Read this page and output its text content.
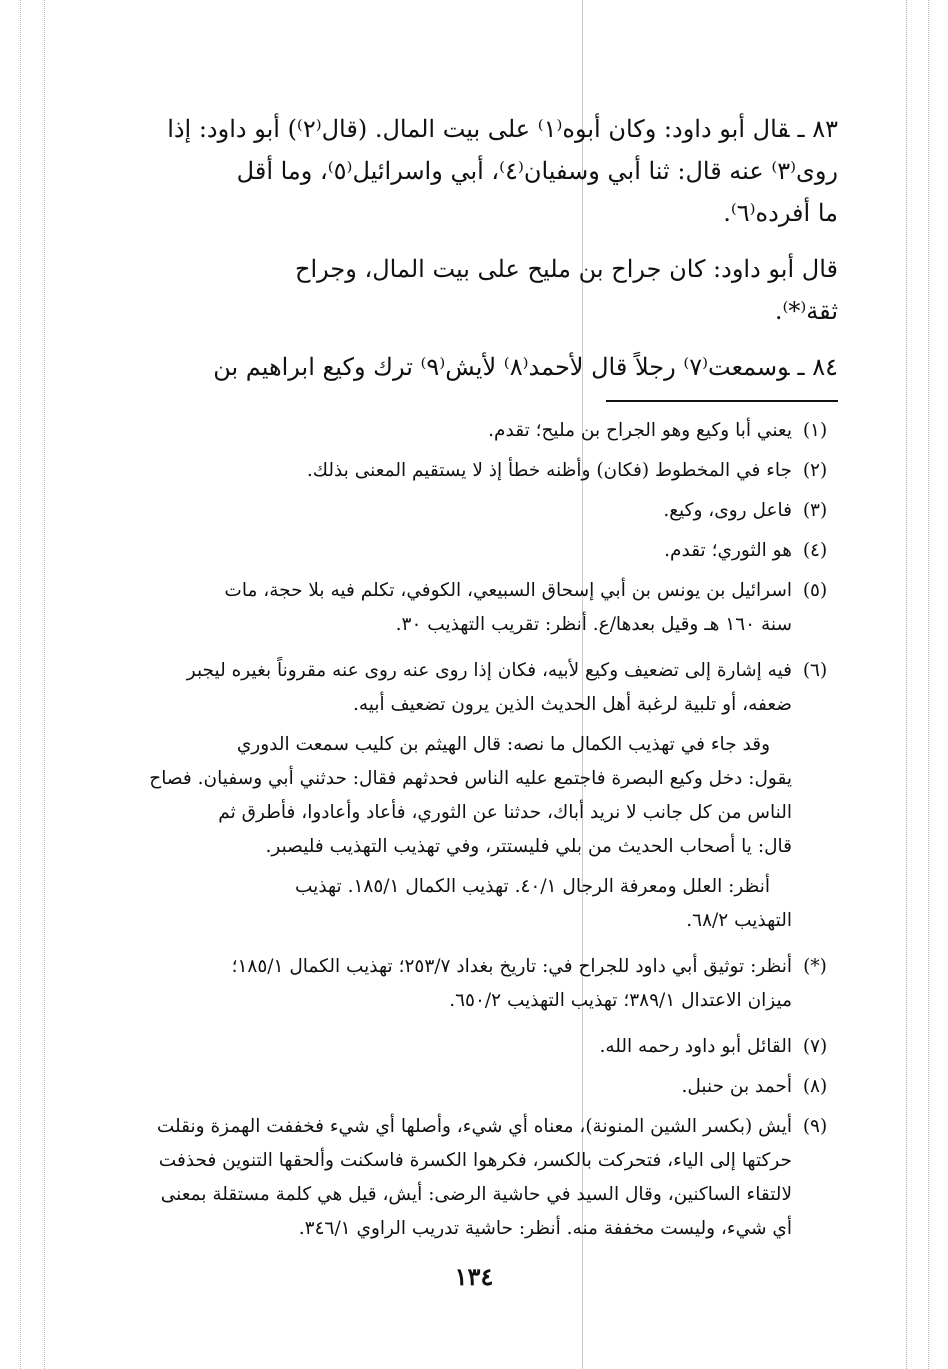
٨٣ ـقال أبو داود: وكان أبوه⁽١⁾ على بيت المال. (قال⁽٢⁾) أبو داود: إذا
روى⁽٣⁾ عنه قال: ثنا أبي وسفيان⁽٤⁾، أبي واسرائيل⁽٥⁾، وما أقل
ما أفرده⁽٦⁾.
قال أبو داود: كان جراح بن مليح على بيت المال، وجراح
ثقة⁽*⁾.
٨٤ ـوسمعت⁽٧⁾ رجلاً قال لأحمد⁽٨⁾ لأيش⁽٩⁾ ترك وكيع ابراهيم بن
(١)

يعني أبا وكيع وهو الجراح بن مليح؛ تقدم.

(٢)

جاء في المخطوط (فكان) وأظنه خطأ إذ لا يستقيم المعنى بذلك.

(٣)

فاعل روى، وكيع.

(٤)

هو الثوري؛ تقدم.

(٥)

اسرائيل بن يونس بن أبي إسحاق السبيعي، الكوفي، تكلم فيه بلا حجة، مات

سنة ١٦٠ هـ وقيل بعدها/ع. أنظر: تقريب التهذيب ٣٠.

(٦)

فيه إشارة إلى تضعيف وكيع لأبيه، فكان إذا روى عنه روى عنه مقروناً بغيره ليجبر

ضعفه، أو تلبية لرغبة أهل الحديث الذين يرون تضعيف أبيه.

وقد جاء في تهذيب الكمال ما نصه: قال الهيثم بن كليب سمعت الدوري

يقول: دخل وكيع البصرة فاجتمع عليه الناس فحدثهم فقال: حدثني أبي وسفيان. فصاح

الناس من كل جانب لا نريد أباك، حدثنا عن الثوري، فأعاد وأعادوا، فأطرق ثم

قال: يا أصحاب الحديث من بلي فليستتر، وفي تهذيب التهذيب فليصبر.

أنظر: العلل ومعرفة الرجال ٤٠/١. تهذيب الكمال ١٨٥/١. تهذيب

التهذيب ٦٨/٢.

(*)

أنظر: توثيق أبي داود للجراح في: تاريخ بغداد ٢٥٣/٧؛ تهذيب الكمال ١٨٥/١؛

ميزان الاعتدال ٣٨٩/١؛ تهذيب التهذيب ٦٥٠/٢.

(٧)

القائل أبو داود رحمه الله.

(٨)

أحمد بن حنبل.

(٩)

أيش (بكسر الشين المنونة)، معناه أي شيء، وأصلها أي شيء فخففت الهمزة ونقلت

حركتها إلى الياء، فتحركت بالكسر، فكرهوا الكسرة فاسكنت وألحقها التنوين فحذفت

لالتقاء الساكنين، وقال السيد في حاشية الرضى: أيش، قيل هي كلمة مستقلة بمعنى

أي شيء، وليست مخففة منه. أنظر: حاشية تدريب الراوي ٣٤٦/١.

١٣٤
